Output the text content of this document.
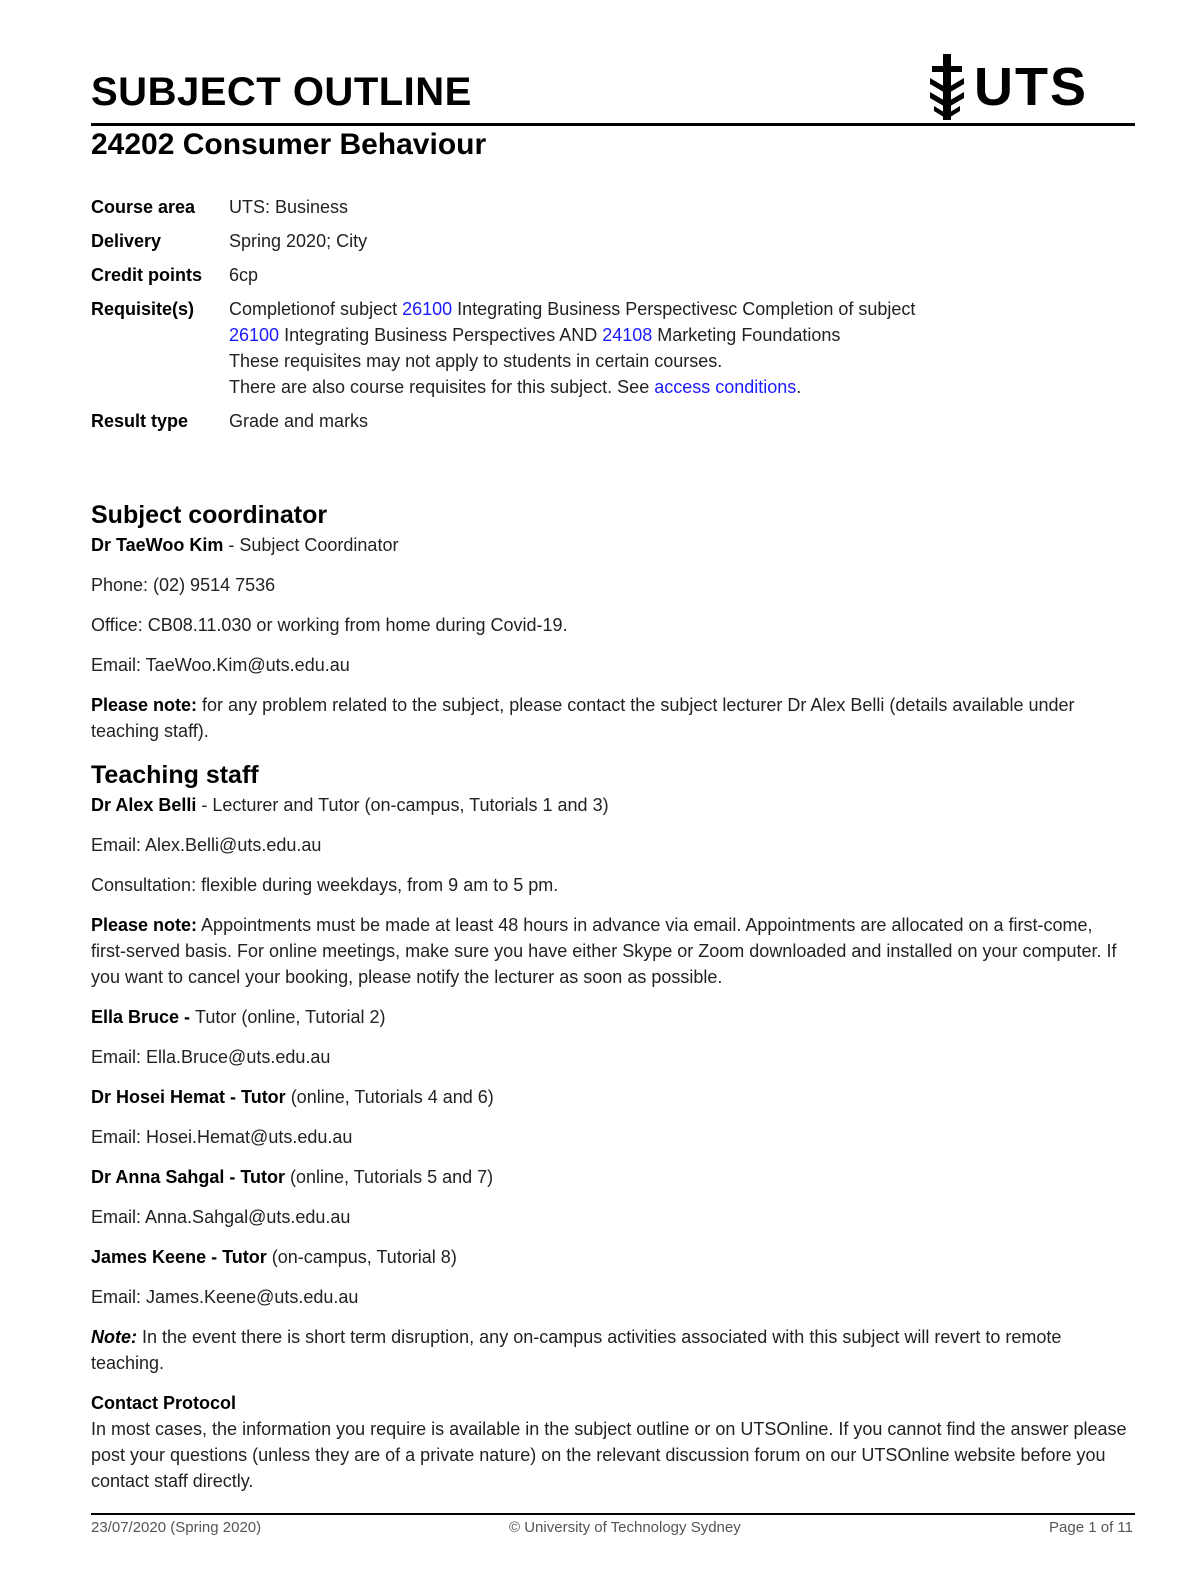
SUBJECT OUTLINE	UTS
24202 Consumer Behaviour
Course area	UTS: Business
Delivery	Spring 2020; City
Credit points	6cp
Requisite(s)	Completionof subject 26100 Integrating Business Perspectivesc Completion of subject 26100 Integrating Business Perspectives AND 24108 Marketing Foundations
These requisites may not apply to students in certain courses.
There are also course requisites for this subject. See access conditions.
Result type	Grade and marks
Subject coordinator

Dr TaeWoo Kim - Subject Coordinator

Phone: (02) 9514 7536

Office: CB08.11.030 or working from home during Covid-19.

Email: TaeWoo.Kim@uts.edu.au

Please note: for any problem related to the subject, please contact the subject lecturer Dr Alex Belli (details available under teaching staff).

Teaching staff

Dr Alex Belli - Lecturer and Tutor (on-campus, Tutorials 1 and 3)

Email: Alex.Belli@uts.edu.au

Consultation: flexible during weekdays, from 9 am to 5 pm.

Please note: Appointments must be made at least 48 hours in advance via email. Appointments are allocated on a first-come, first-served basis. For online meetings, make sure you have either Skype or Zoom downloaded and installed on your computer. If you want to cancel your booking, please notify the lecturer as soon as possible.

Ella Bruce - Tutor (online, Tutorial 2)

Email: Ella.Bruce@uts.edu.au

Dr Hosei Hemat - Tutor (online, Tutorials 4 and 6)

Email: Hosei.Hemat@uts.edu.au

Dr Anna Sahgal - Tutor (online, Tutorials 5 and 7)

Email: Anna.Sahgal@uts.edu.au

James Keene - Tutor (on-campus, Tutorial 8)

Email: James.Keene@uts.edu.au

Note: In the event there is short term disruption, any on-campus activities associated with this subject will revert to remote teaching.

Contact Protocol

In most cases, the information you require is available in the subject outline or on UTSOnline. If you cannot find the answer please post your questions (unless they are of a private nature) on the relevant discussion forum on our UTSOnline website before you contact staff directly.

23/07/2020 (Spring 2020)	© University of Technology Sydney	Page 1 of 11
